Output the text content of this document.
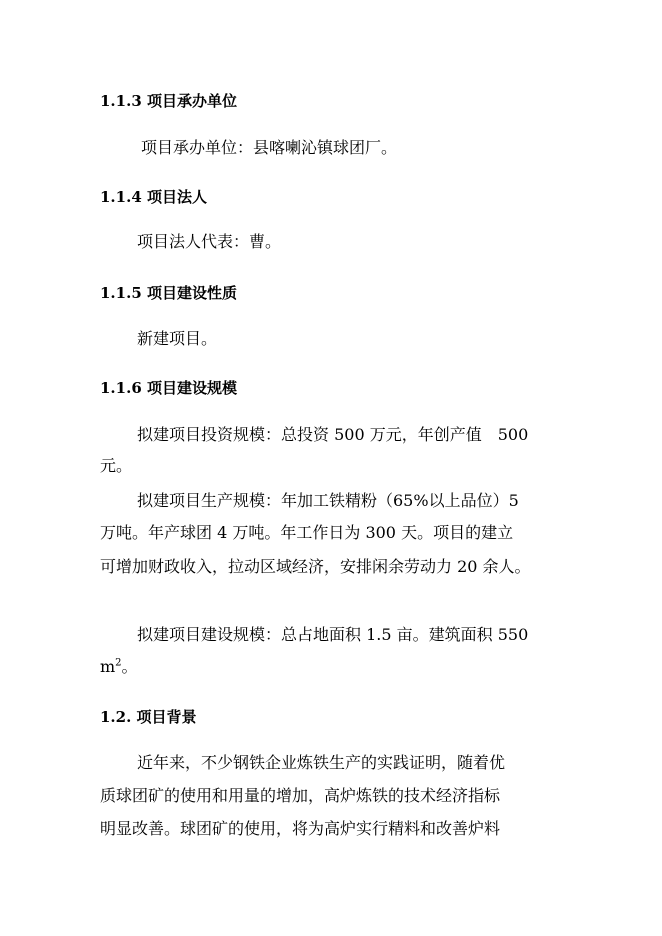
1.1.3 项目承办单位
项目承办单位：县喀喇沁镇球团厂。
1.1.4 项目法人
项目法人代表：曹。
1.1.5 项目建设性质
新建项目。
1.1.6 项目建设规模
拟建项目投资规模：总投资 500 万元，年创产值　500
元。
拟建项目生产规模：年加工铁精粉（65%以上品位）5
万吨。年产球团 4 万吨。年工作日为 300 天。项目的建立
可增加财政收入，拉动区域经济，安排闲余劳动力 20 余人。
拟建项目建设规模：总占地面积 1.5 亩。建筑面积 550
$m^2$。
1.2. 项目背景
近年来，不少钢铁企业炼铁生产的实践证明，随着优
质球团矿的使用和用量的增加，高炉炼铁的技术经济指标
明显改善。球团矿的使用，将为高炉实行精料和改善炉料
